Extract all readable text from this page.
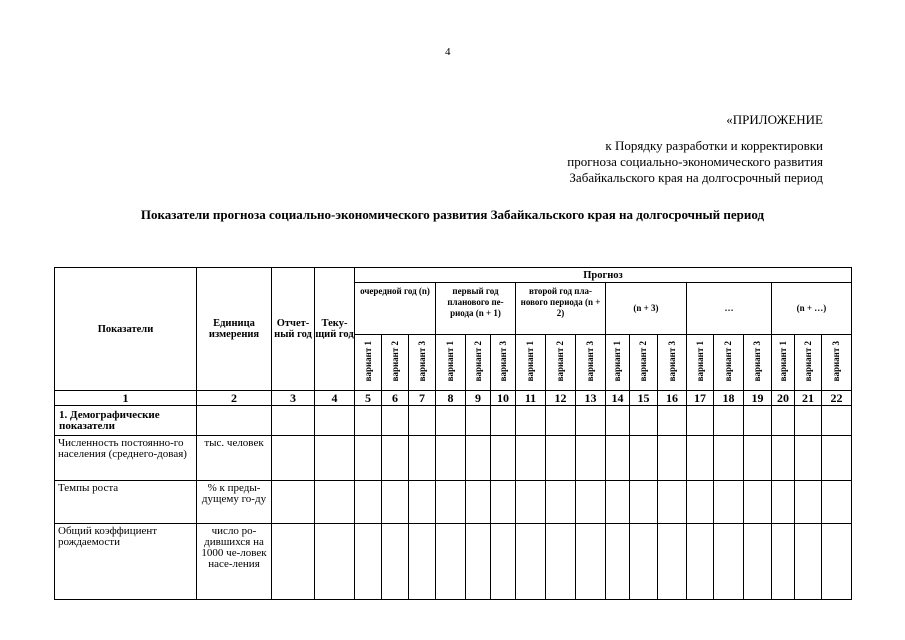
4
«ПРИЛОЖЕНИЕ
к Порядку разработки и корректировки
прогноза социально-экономического развития
Забайкальского края на долгосрочный период
Показатели прогноза социально-экономического развития Забайкальского края на долгосрочный период
Показатели	Единица измерения	Отчет-ный год	Теку-щий год	Прогноз																	
				очередной год (n)			первый год планового пе-риода (n + 1)			второй год пла-нового периода (n + 2)			(n + 3)			…			(n + …)		
				вариант 1	вариант 2	вариант 3	вариант 1	вариант 2	вариант 3	вариант 1	вариант 2	вариант 3	вариант 1	вариант 2	вариант 3	вариант 1	вариант 2	вариант 3	вариант 1	вариант 2	вариант 3
1	2	3	4	5	6	7	8	9	10	11	12	13	14	15	16	17	18	19	20	21	22
1. Демографические показатели																					
Численность постоянно-го населения (среднего-довая)	тыс. человек																				
Темпы роста	% к преды-дущему го-ду																				
Общий коэффициент рождаемости	число ро-дившихся на 1000 че-ловек насе-ления																				
